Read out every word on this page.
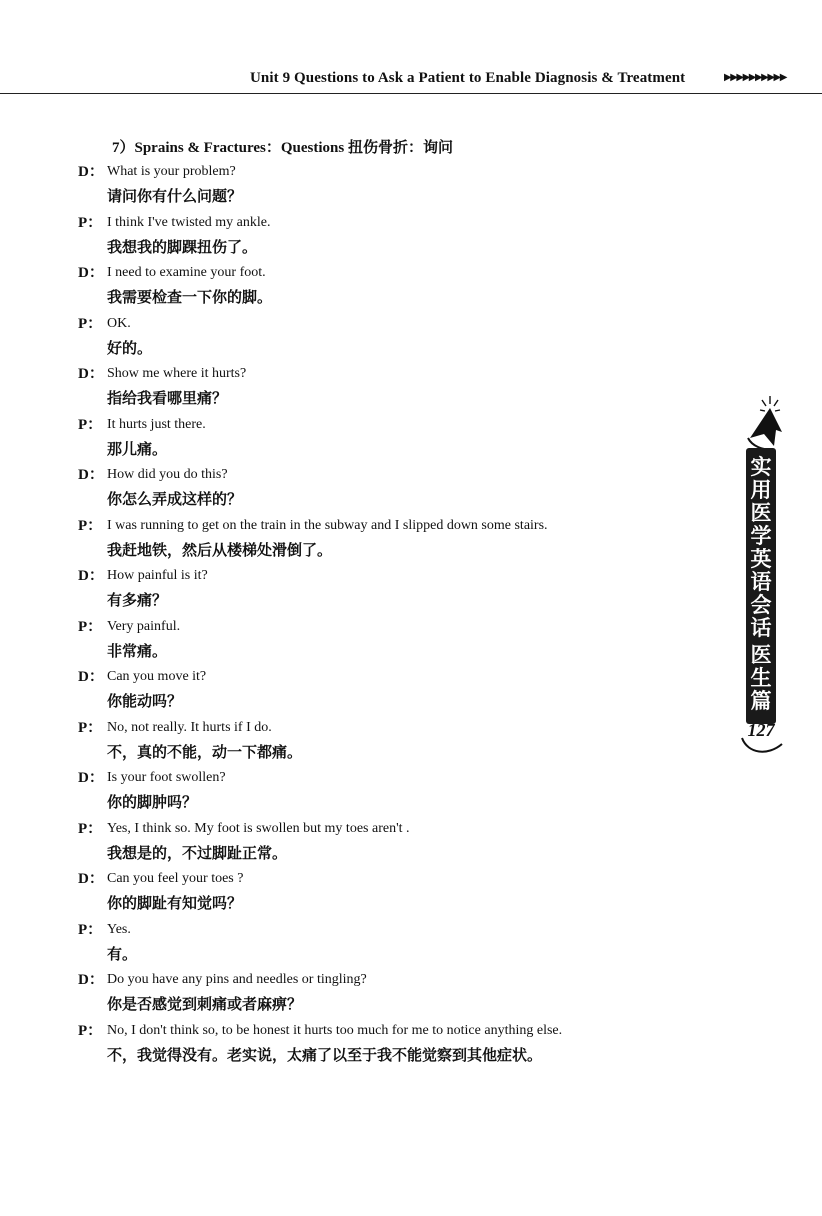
Unit 9 Questions to Ask a Patient to Enable Diagnosis & Treatment	▶▶▶▶▶▶▶▶▶▶
7）Sprains & Fractures：Questions 扭伤骨折：询问
D： What is your problem?
请问你有什么问题？
P： I think I've twisted my ankle.
我想我的脚踝扭伤了。
D： I need to examine your foot.
我需要检查一下你的脚。
P： OK.
好的。
D： Show me where it hurts?
指给我看哪里痛？
P： It hurts just there.
那儿痛。
D： How did you do this?
你怎么弄成这样的？
P： I was running to get on the train in the subway and I slipped down some stairs.
我赶地铁，然后从楼梯处滑倒了。
D： How painful is it?
有多痛？
P： Very painful.
非常痛。
D： Can you move it?
你能动吗？
P： No, not really. It hurts if I do.
不，真的不能，动一下都痛。
D： Is your foot swollen?
你的脚肿吗？
P： Yes, I think so. My foot is swollen but my toes aren't .
我想是的，不过脚趾正常。
D： Can you feel your toes ?
你的脚趾有知觉吗？
P： Yes.
有。
D： Do you have any pins and needles or tingling?
你是否感觉到刺痛或者麻痹？
P： No, I don't think so, to be honest it hurts too much for me to notice anything else.
不，我觉得没有。老实说，太痛了以至于我不能觉察到其他症状。
实用医学英语会话
医生篇
127
